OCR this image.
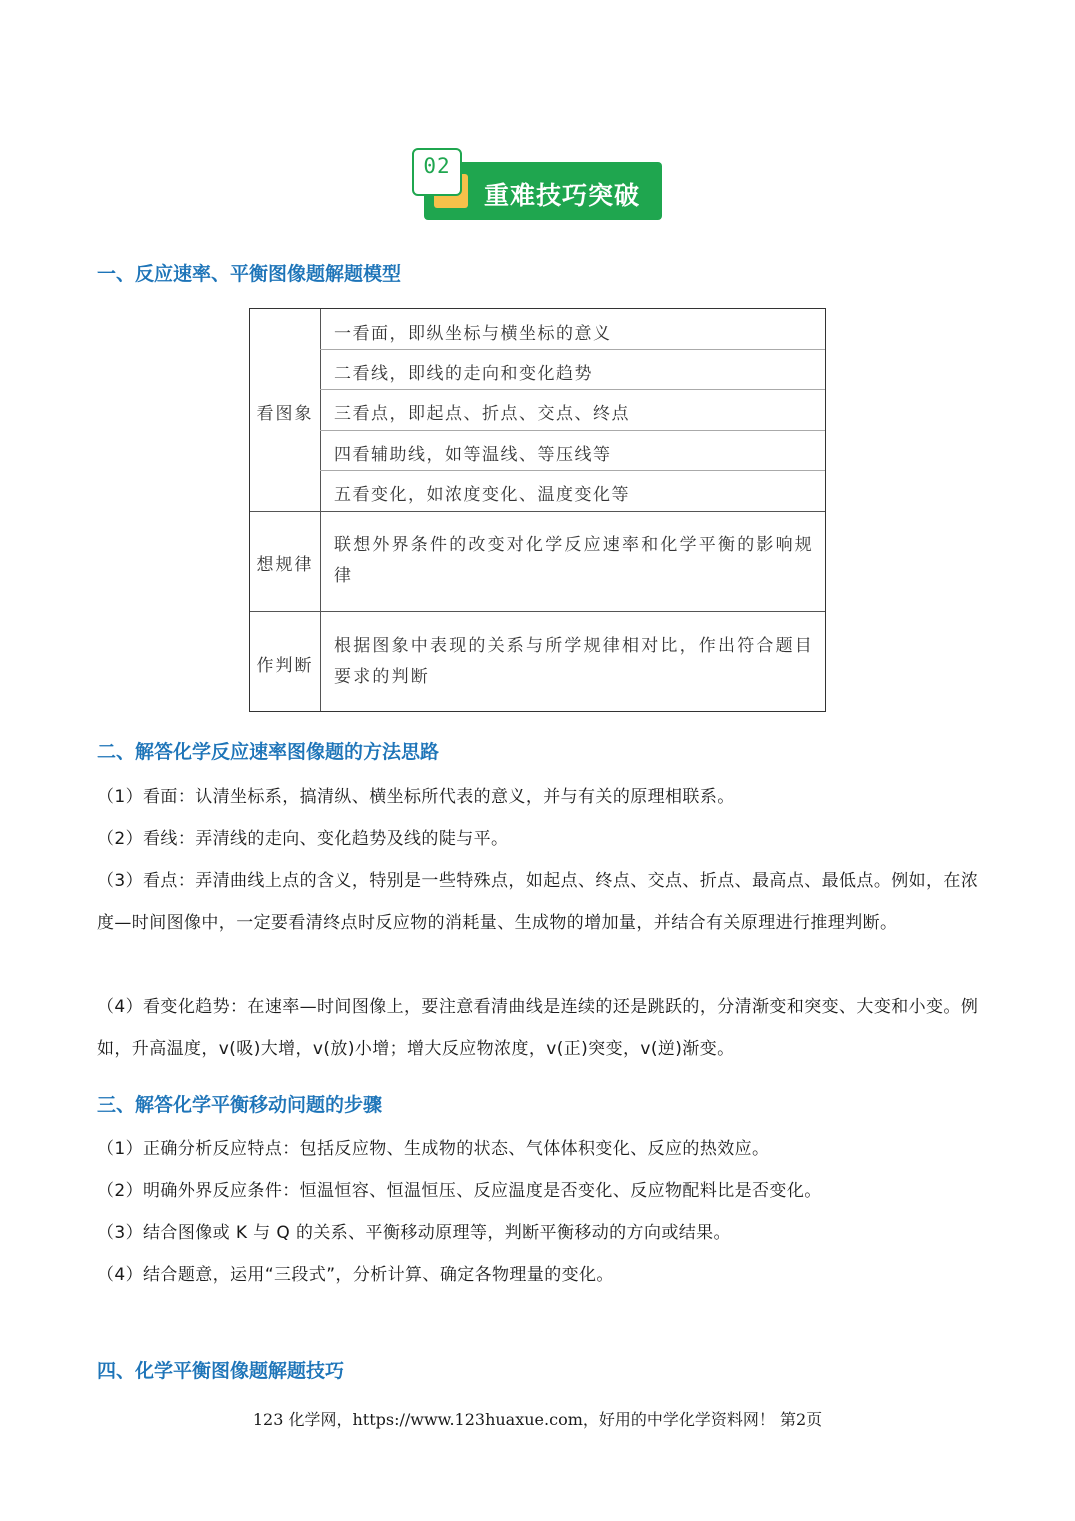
02
重难技巧突破
一、反应速率、平衡图像题解题模型
看图象
一看面，即纵坐标与横坐标的意义
二看线，即线的走向和变化趋势
三看点，即起点、折点、交点、终点
四看辅助线，如等温线、等压线等
五看变化，如浓度变化、温度变化等
想规律
联想外界条件的改变对化学反应速率和化学平衡的影响规律
作判断
根据图象中表现的关系与所学规律相对比，作出符合题目要求的判断
二、解答化学反应速率图像题的方法思路
（1）看面：认清坐标系，搞清纵、横坐标所代表的意义，并与有关的原理相联系。
（2）看线：弄清线的走向、变化趋势及线的陡与平。
（3）看点：弄清曲线上点的含义，特别是一些特殊点，如起点、终点、交点、折点、最高点、最低点。例如，在浓度—时间图像中，一定要看清终点时反应物的消耗量、生成物的增加量，并结合有关原理进行推理判断。
（4）看变化趋势：在速率—时间图像上，要注意看清曲线是连续的还是跳跃的，分清渐变和突变、大变和小变。例如，升高温度，v(吸)大增，v(放)小增；增大反应物浓度，v(正)突变，v(逆)渐变。
三、解答化学平衡移动问题的步骤
（1）正确分析反应特点：包括反应物、生成物的状态、气体体积变化、反应的热效应。
（2）明确外界反应条件：恒温恒容、恒温恒压、反应温度是否变化、反应物配料比是否变化。
（3）结合图像或 K 与 Q 的关系、平衡移动原理等，判断平衡移动的方向或结果。
（4）结合题意，运用“三段式”，分析计算、确定各物理量的变化。
四、化学平衡图像题解题技巧
123 化学网，https://www.123huaxue.com，好用的中学化学资料网！ 第2页
